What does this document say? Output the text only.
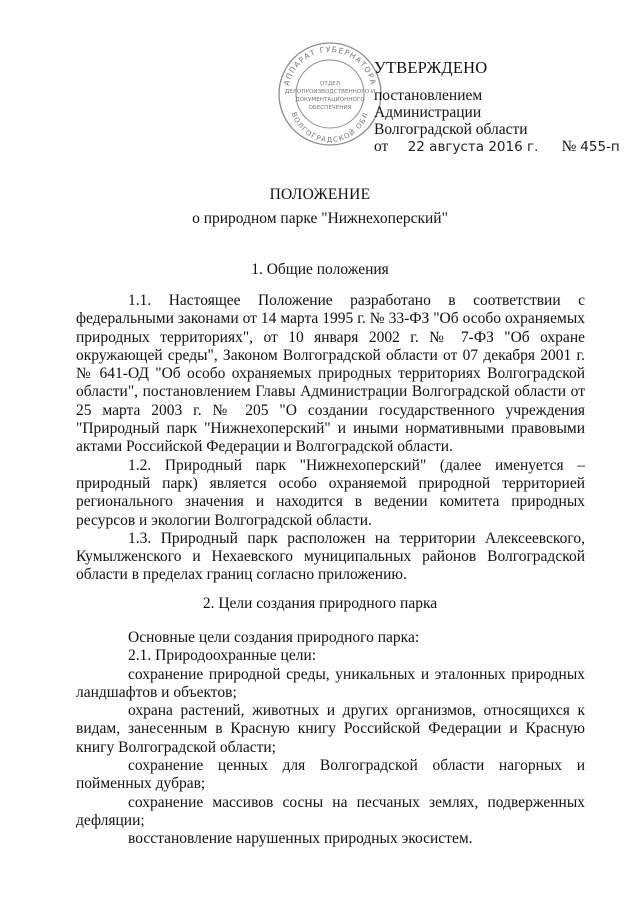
АППАРАТ ГУБЕРНАТОРА
ВОЛГОГРАДСКОЙ ОБЛ
ОТДЕЛ
ДЕЛОПРОИЗВОДСТВЕННОГО И
ДОКУМЕНТАЦИОННОГО
ОБЕСПЕЧЕНИЯ
УТВЕРЖДЕНО
постановлением
Администрации
Волгоградской области
от 22 августа 2016 г. № 455-п
ПОЛОЖЕНИЕ
о природном парке "Нижнехоперский"
1. Общие положения

1.1. Настоящее Положение разработано в соответствии с федеральными законами от 14 марта 1995 г. № 33-ФЗ "Об особо охраняемых природных территориях", от 10 января 2002 г. № 7-ФЗ "Об охране окружающей среды", Законом Волгоградской области от 07 декабря 2001 г. № 641-ОД "Об особо охраняемых природных территориях Волгоградской области", постановлением Главы Администрации Волгоградской области от 25 марта 2003 г. № 205 "О создании государственного учреждения "Природный парк "Нижнехоперский" и иными нормативными правовыми актами Российской Федерации и Волгоградской области.

1.2. Природный парк "Нижнехоперский" (далее именуется – природный парк) является особо охраняемой природной территорией регионального значения и находится в ведении комитета природных ресурсов и экологии Волгоградской области.

1.3. Природный парк расположен на территории Алексеевского, Кумылженского и Нехаевского муниципальных районов Волгоградской области в пределах границ согласно приложению.

2. Цели создания природного парка

Основные цели создания природного парка:

2.1. Природоохранные цели:

сохранение природной среды, уникальных и эталонных природных ландшафтов и объектов;

охрана растений, животных и других организмов, относящихся к видам, занесенным в Красную книгу Российской Федерации и Красную книгу Волгоградской области;

сохранение ценных для Волгоградской области нагорных и пойменных дубрав;

сохранение массивов сосны на песчаных землях, подверженных дефляции;

восстановление нарушенных природных экосистем.
